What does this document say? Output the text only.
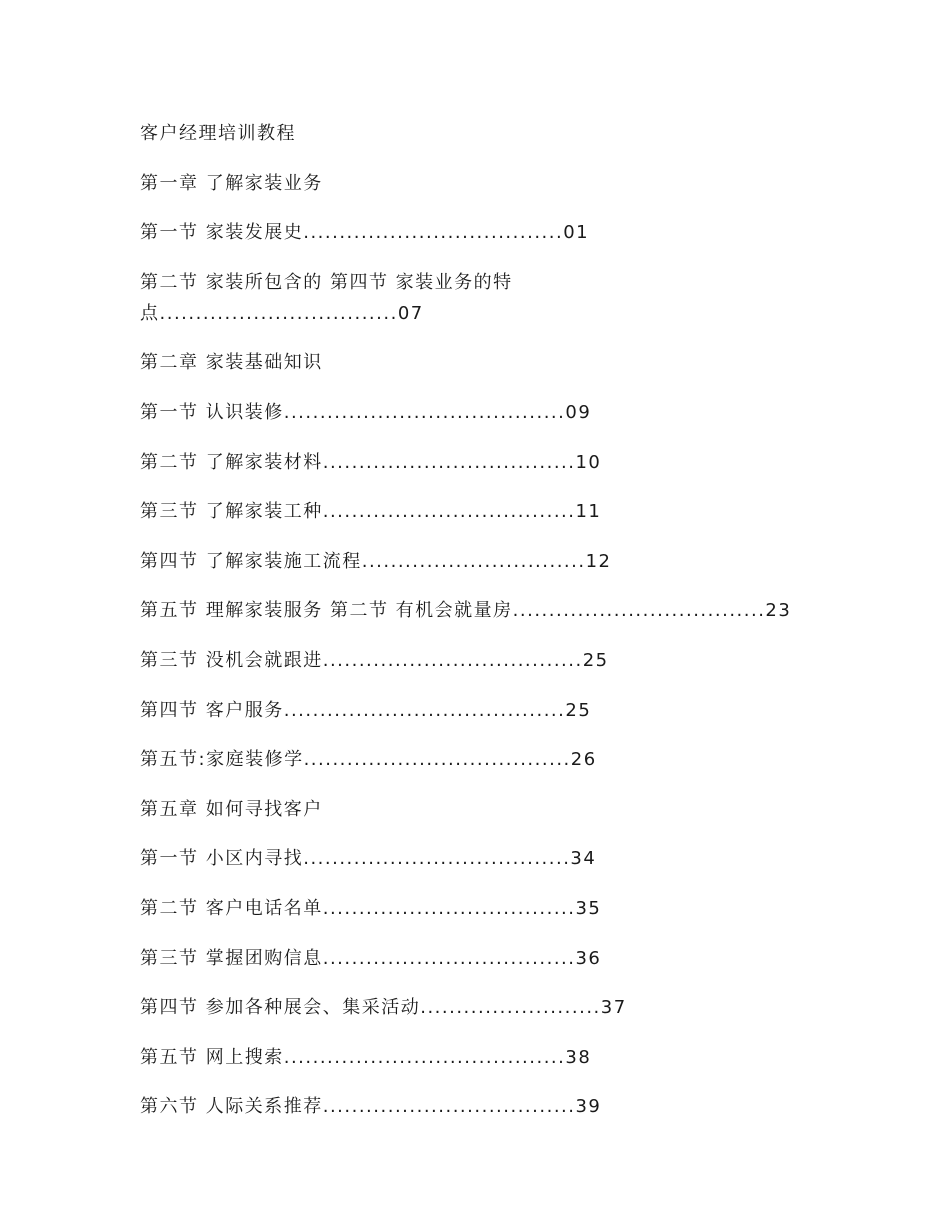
客户经理培训教程
第一章 了解家装业务
第一节 家装发展史....................................01
第二节 家装所包含的 第四节 家装业务的特点.................................07
第二章 家装基础知识
第一节 认识装修.......................................09
第二节 了解家装材料...................................10
第三节 了解家装工种...................................11
第四节 了解家装施工流程...............................12
第五节 理解家装服务 第二节 有机会就量房...................................23
第三节 没机会就跟进....................................25
第四节 客户服务.......................................25
第五节:家庭装修学.....................................26
第五章 如何寻找客户
第一节 小区内寻找.....................................34
第二节 客户电话名单...................................35
第三节 掌握团购信息...................................36
第四节 参加各种展会、集采活动.........................37
第五节 网上搜索.......................................38
第六节 人际关系推荐...................................39
